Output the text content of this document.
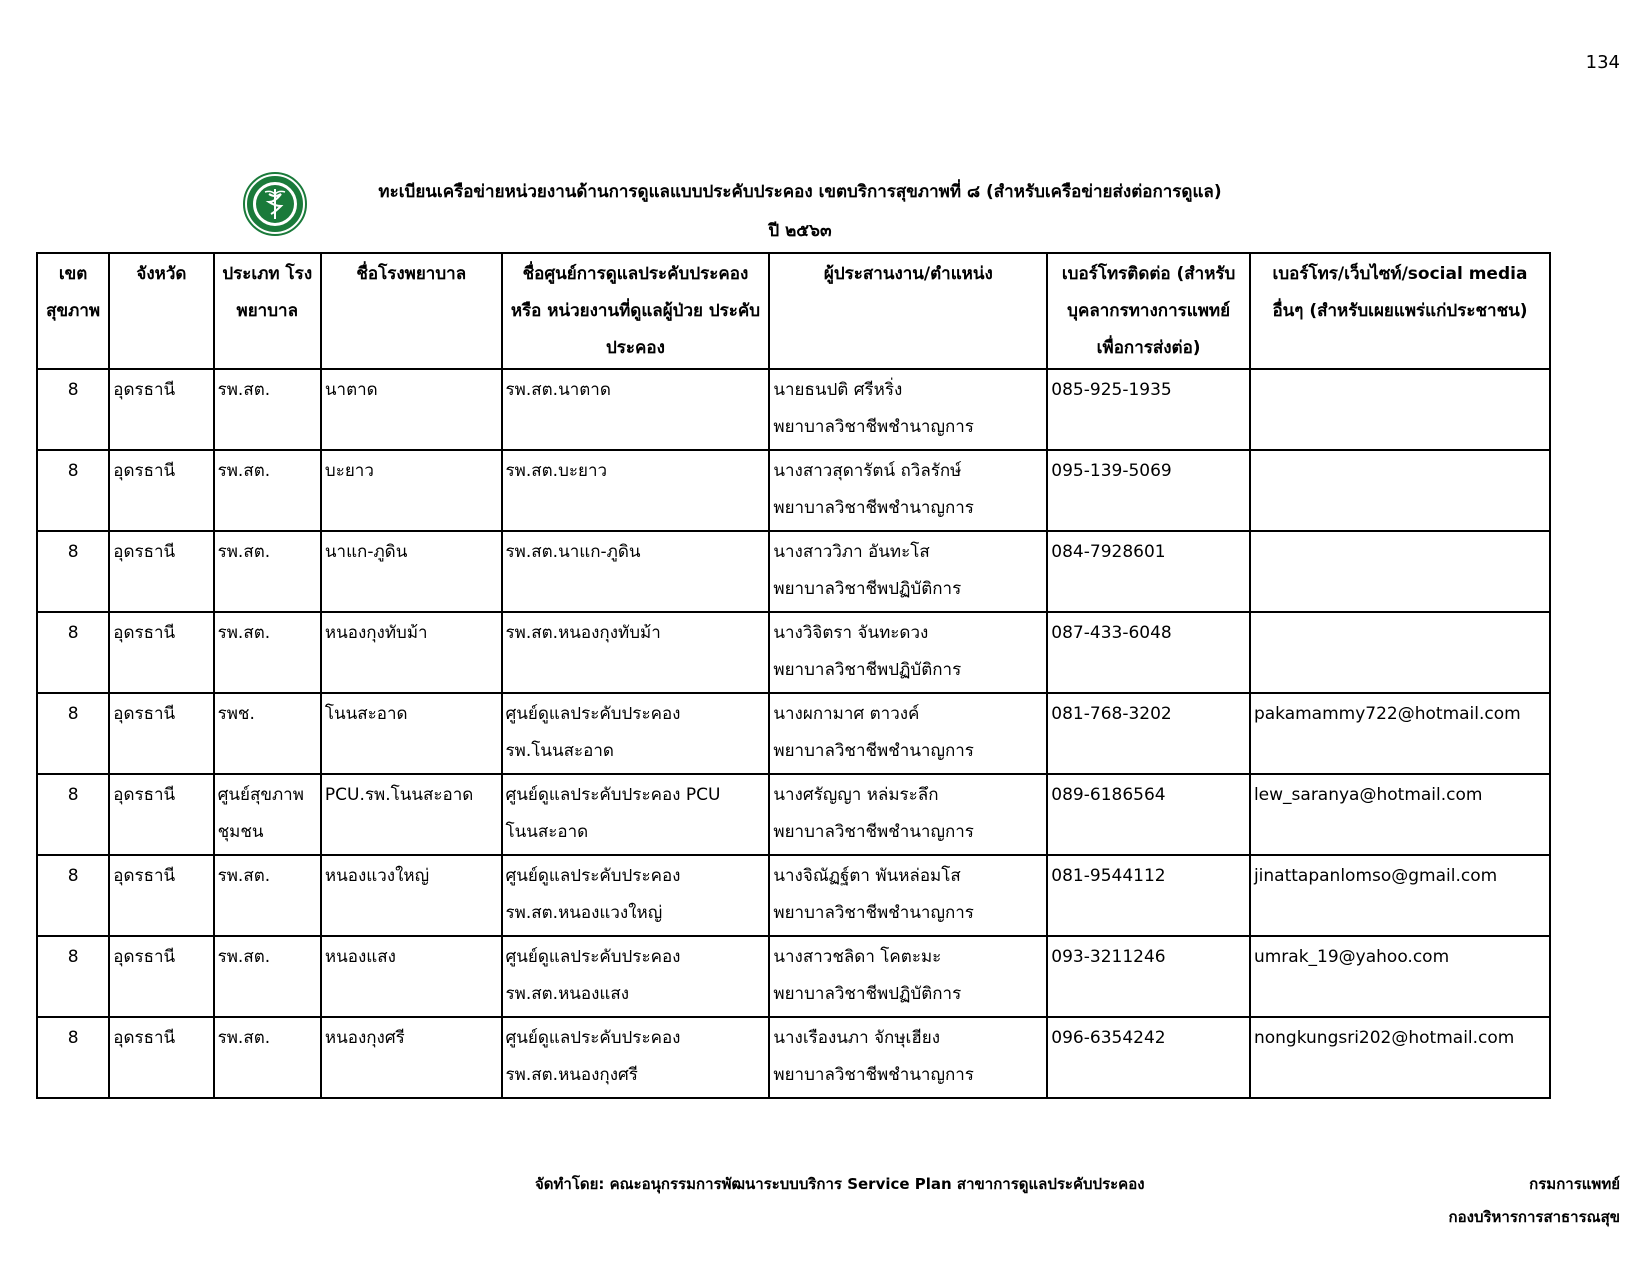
134
ทะเบียนเครือข่ายหน่วยงานด้านการดูแลแบบประคับประคอง เขตบริการสุขภาพที่ ๘ (สำหรับเครือข่ายส่งต่อการดูแล)
ปี ๒๕๖๓
เขต สุขภาพ	จังหวัด	ประเภท โรงพยาบาล	ชื่อโรงพยาบาล	ชื่อศูนย์การดูแลประคับประคอง หรือ หน่วยงานที่ดูแลผู้ป่วย ประคับประคอง	ผู้ประสานงาน/ตำแหน่ง	เบอร์โทรติดต่อ (สำหรับ บุคลากรทางการแพทย์ เพื่อการส่งต่อ)	เบอร์โทร/เว็บไซท์/social media อื่นๆ (สำหรับเผยแพร่แก่ประชาชน)
8	อุดรธานี	รพ.สต.	นาตาด	รพ.สต.นาตาด	นายธนปติ ศรีหริ่ง
พยาบาลวิชาชีพชำนาญการ	085-925-1935	
8	อุดรธานี	รพ.สต.	บะยาว	รพ.สต.บะยาว	นางสาวสุดารัตน์ ถวิลรักษ์
พยาบาลวิชาชีพชำนาญการ	095-139-5069	
8	อุดรธานี	รพ.สต.	นาแก-ภูดิน	รพ.สต.นาแก-ภูดิน	นางสาววิภา อันทะโส
พยาบาลวิชาชีพปฏิบัติการ	084-7928601	
8	อุดรธานี	รพ.สต.	หนองกุงทับม้า	รพ.สต.หนองกุงทับม้า	นางวิจิตรา จันทะดวง
พยาบาลวิชาชีพปฏิบัติการ	087-433-6048	
8	อุดรธานี	รพช.	โนนสะอาด	ศูนย์ดูแลประคับประคอง รพ.โนนสะอาด	นางผกามาศ ตาวงค์
พยาบาลวิชาชีพชำนาญการ	081-768-3202	pakamammy722@hotmail.com
8	อุดรธานี	ศูนย์สุขภาพชุมชน	PCU.รพ.โนนสะอาด	ศูนย์ดูแลประคับประคอง PCU โนนสะอาด	นางศรัญญา หล่มระลึก
พยาบาลวิชาชีพชำนาญการ	089-6186564	lew_saranya@hotmail.com
8	อุดรธานี	รพ.สต.	หนองแวงใหญ่	ศูนย์ดูแลประคับประคอง รพ.สต.หนองแวงใหญ่	นางจิณัฏฐ์ตา พันหล่อมโส
พยาบาลวิชาชีพชำนาญการ	081-9544112	jinattapanlomso@gmail.com
8	อุดรธานี	รพ.สต.	หนองแสง	ศูนย์ดูแลประคับประคอง รพ.สต.หนองแสง	นางสาวชลิดา โคตะมะ
พยาบาลวิชาชีพปฏิบัติการ	093-3211246	umrak_19@yahoo.com
8	อุดรธานี	รพ.สต.	หนองกุงศรี	ศูนย์ดูแลประคับประคอง รพ.สต.หนองกุงศรี	นางเรืองนภา จักษุเฮียง
พยาบาลวิชาชีพชำนาญการ	096-6354242	nongkungsri202@hotmail.com
จัดทำโดย: คณะอนุกรรมการพัฒนาระบบบริการ Service Plan สาขาการดูแลประคับประคอง	กรมการแพทย์
กองบริหารการสาธารณสุข
